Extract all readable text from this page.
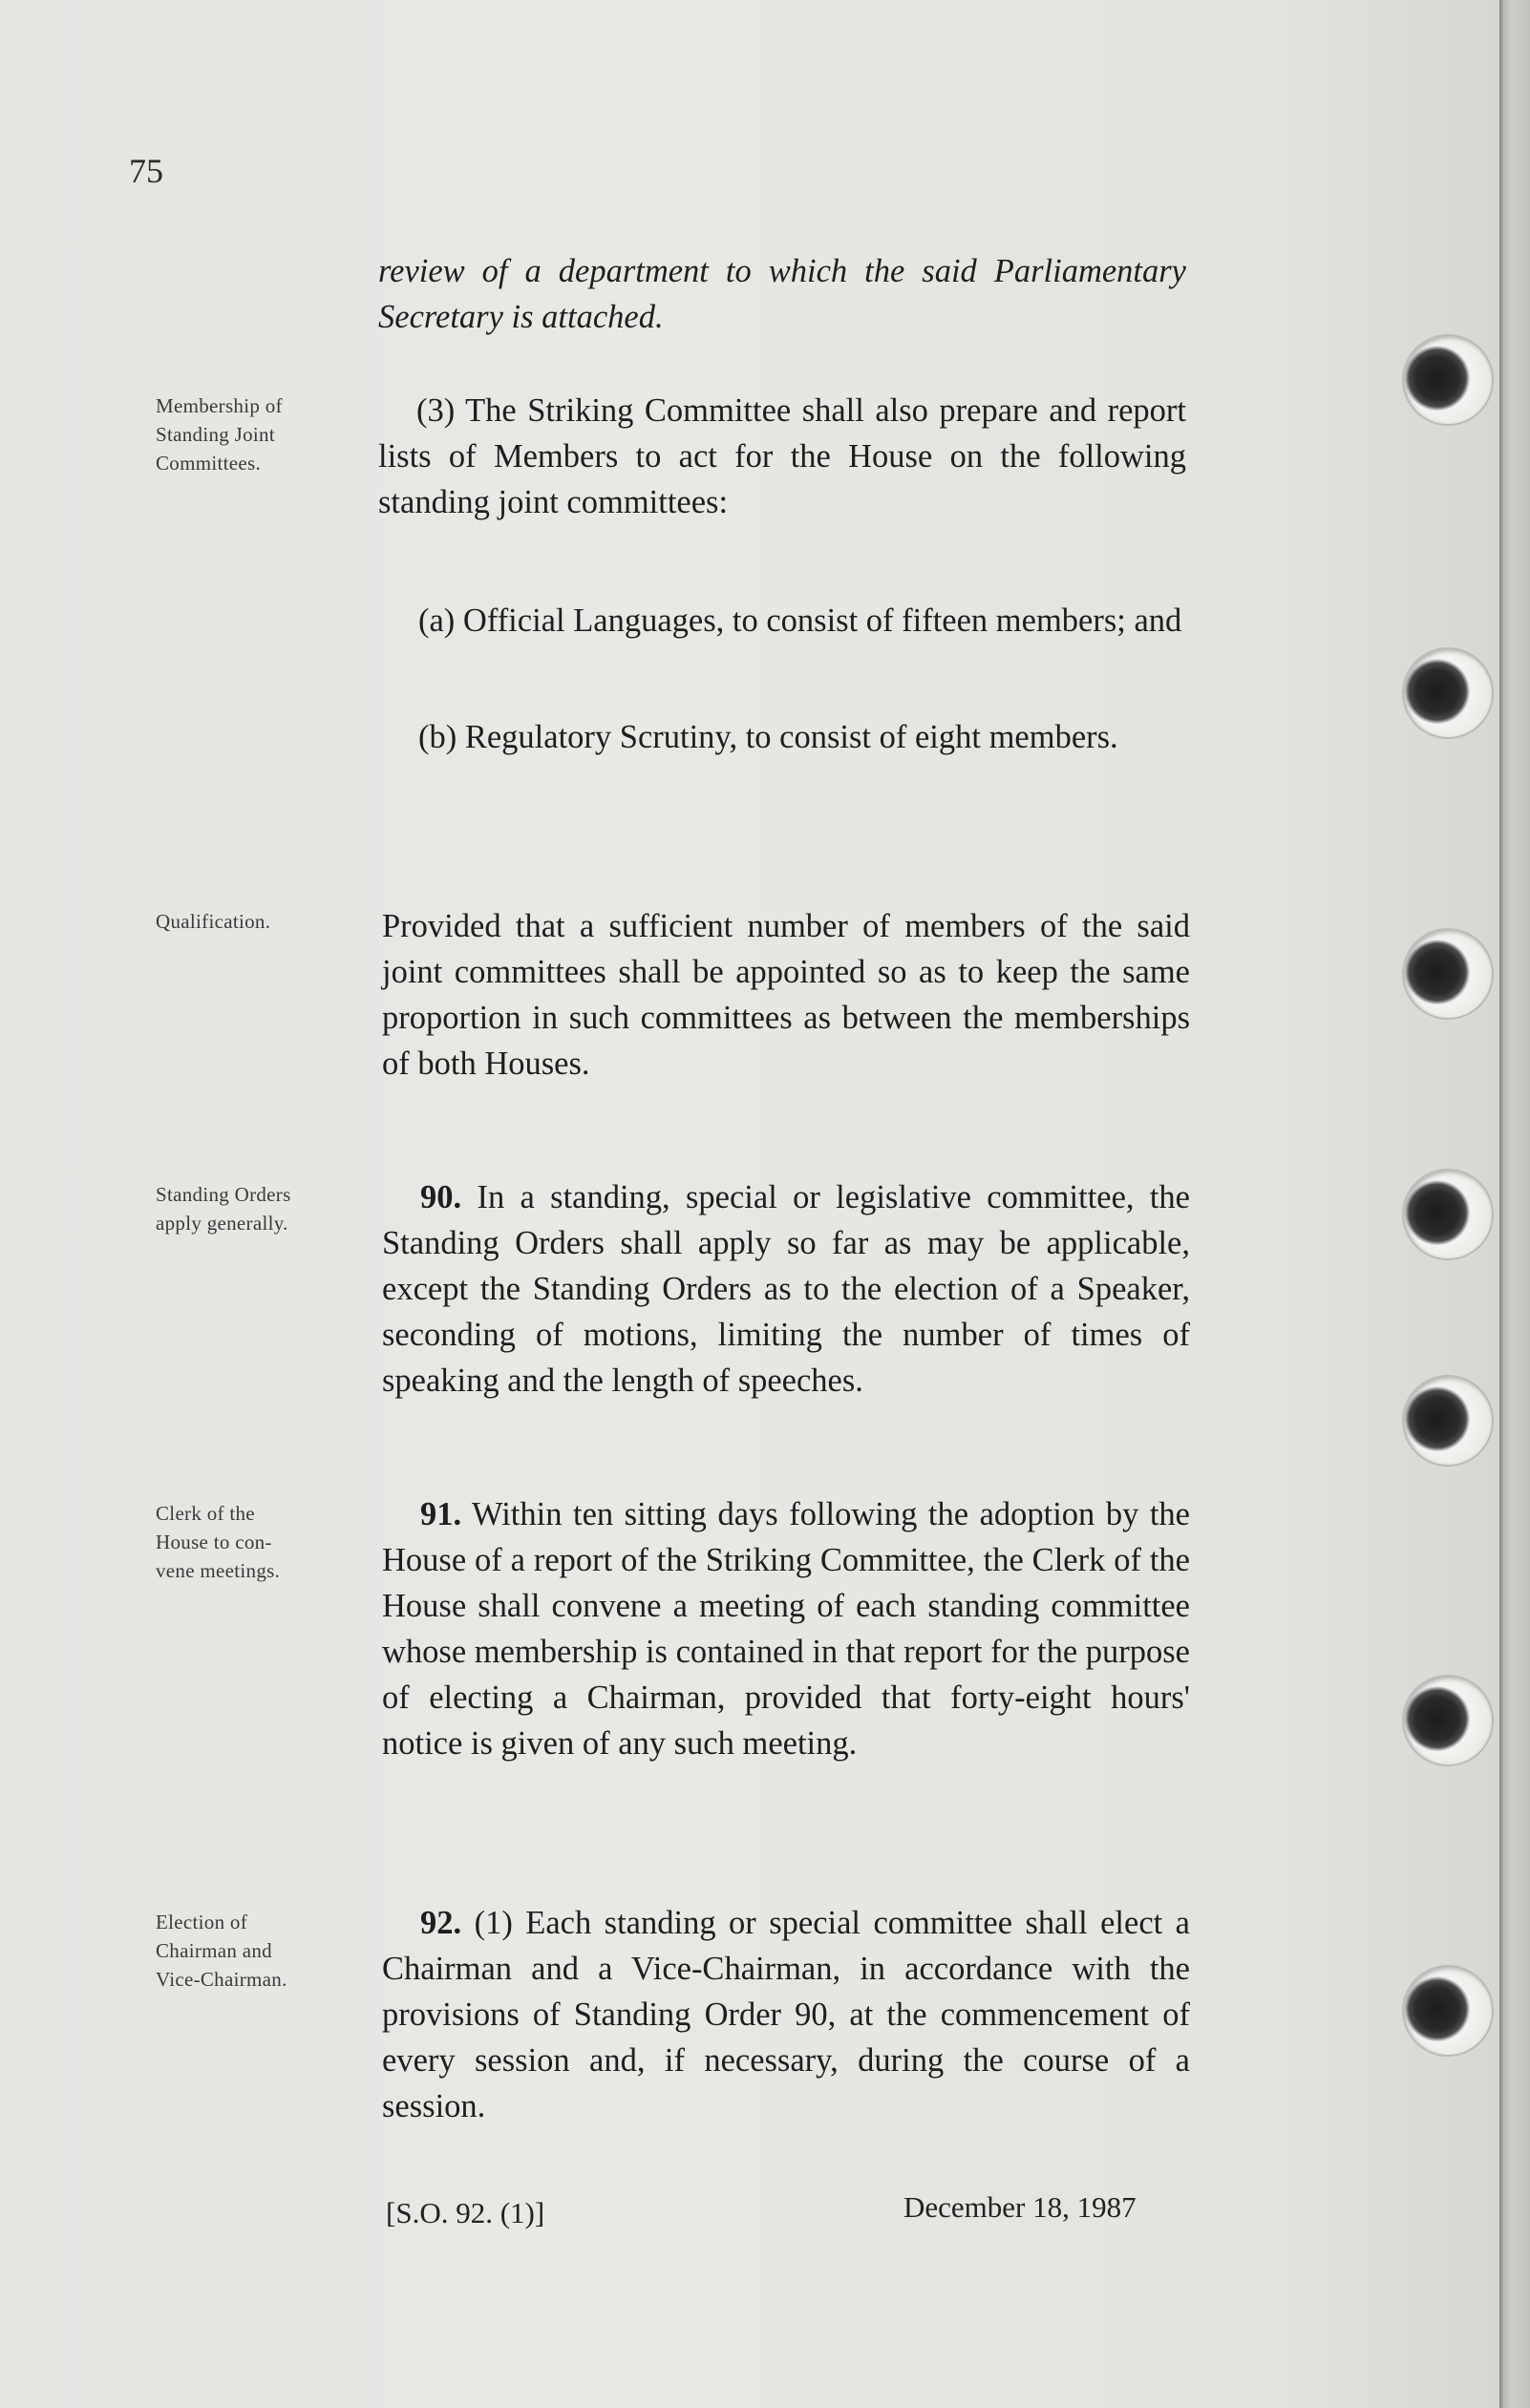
75
review of a department to which the said Parliamentary Secretary is attached.
Membership of
Standing Joint
Committees.
(3) The Striking Committee shall also prepare and report lists of Members to act for the House on the following standing joint committees:
(a) Official Languages, to consist of fifteen members; and
(b) Regulatory Scrutiny, to consist of eight members.
Qualification.	Provided that a sufficient number of members of the said joint committees shall be appointed so as to keep the same proportion in such committees as between the memberships of both Houses.
Standing Orders
apply generally.
90. In a standing, special or legislative committee, the Standing Orders shall apply so far as may be applicable, except the Standing Orders as to the election of a Speaker, seconding of motions, limiting the number of times of speaking and the length of speeches.
Clerk of the
House to con-
vene meetings.
91. Within ten sitting days following the adoption by the House of a report of the Striking Committee, the Clerk of the House shall convene a meeting of each standing committee whose membership is contained in that report for the purpose of electing a Chairman, provided that forty-eight hours' notice is given of any such meeting.
Election of
Chairman and
Vice-Chairman.
92. (1) Each standing or special committee shall elect a Chairman and a Vice-Chairman, in accordance with the provisions of Standing Order 90, at the commencement of every session and, if necessary, during the course of a session.
[S.O. 92. (1)]	December 18, 1987
